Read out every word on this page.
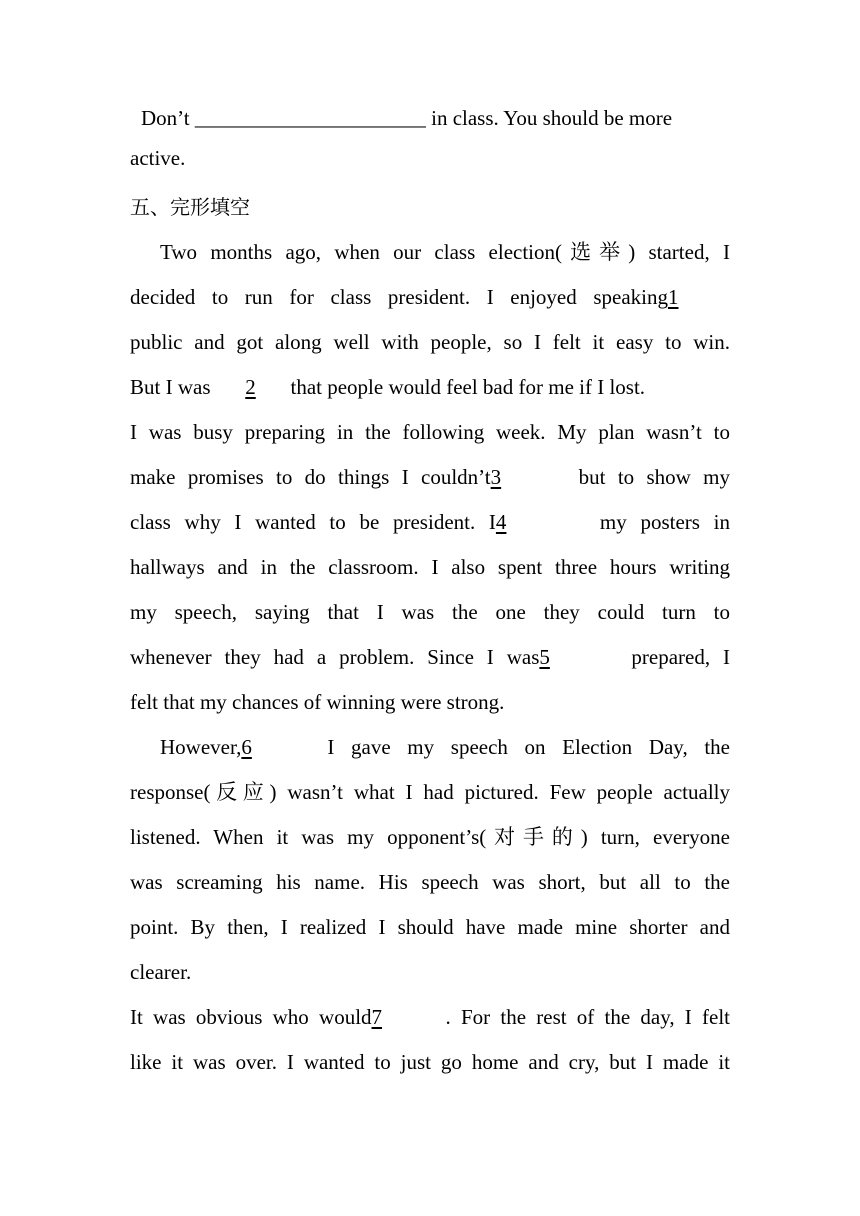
Don’t ______________________ in class. You should be more
active.
五、完形填空
Two months ago, when our class election(选举) started, I
decided to run for class president. I enjoyed speaking1
public and got along well with people, so I felt it easy to win.
But I was 2 that people would feel bad for me if I lost.
I was busy preparing in the following week. My plan wasn’t to
make promises to do things I couldn’t3	but to show my
class why I wanted to be president. I4	my posters in
hallways and in the classroom. I also spent three hours writing
my speech, saying that I was the one they could turn to
whenever they had a problem. Since I was5	prepared, I
felt that my chances of winning were strong.
However,6	I gave my speech on Election Day, the
response(反应) wasn’t what I had pictured. Few people actually
listened. When it was my opponent’s(对手的) turn, everyone
was screaming his name. His speech was short, but all to the
point. By then, I realized I should have made mine shorter and
clearer.
It was obvious who would7	. For the rest of the day, I felt
like it was over. I wanted to just go home and cry, but I made it
